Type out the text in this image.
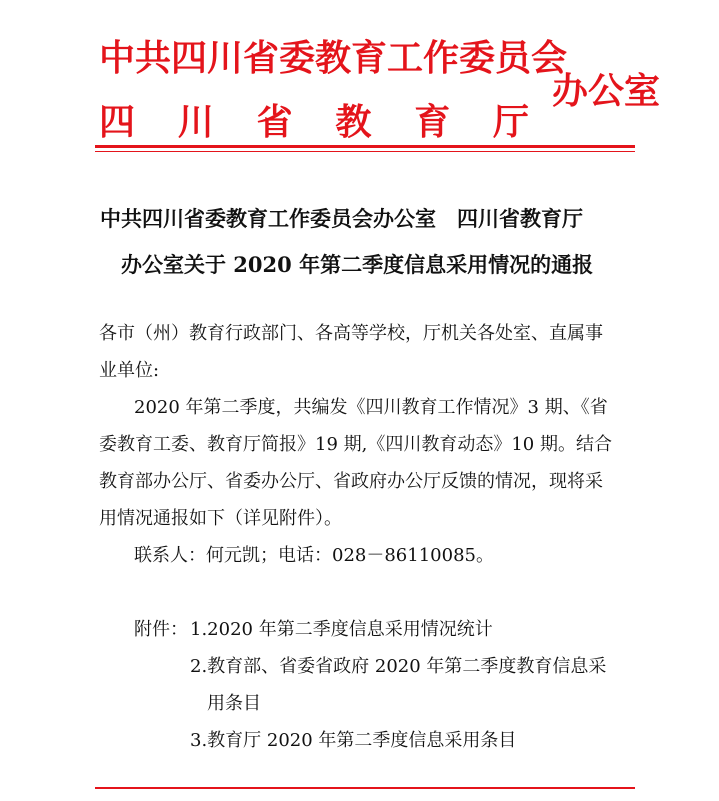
中共四川省委教育工作委员会
四 川 省 教 育 厅
办公室
中共四川省委教育工作委员会办公室　四川省教育厅
办公室关于 2020 年第二季度信息采用情况的通报
各市（州）教育行政部门、各高等学校，厅机关各处室、直属事
业单位:
2020 年第二季度，共编发《四川教育工作情况》3 期、《省
委教育工委、教育厅简报》19 期,《四川教育动态》10 期。结合
教育部办公厅、省委办公厅、省政府办公厅反馈的情况，现将采
用情况通报如下（详见附件）。
联系人：何元凯；电话：028－86110085。
附件： 1.2020 年第二季度信息采用情况统计
2.教育部、省委省政府 2020 年第二季度教育信息采
用条目
3.教育厅 2020 年第二季度信息采用条目
